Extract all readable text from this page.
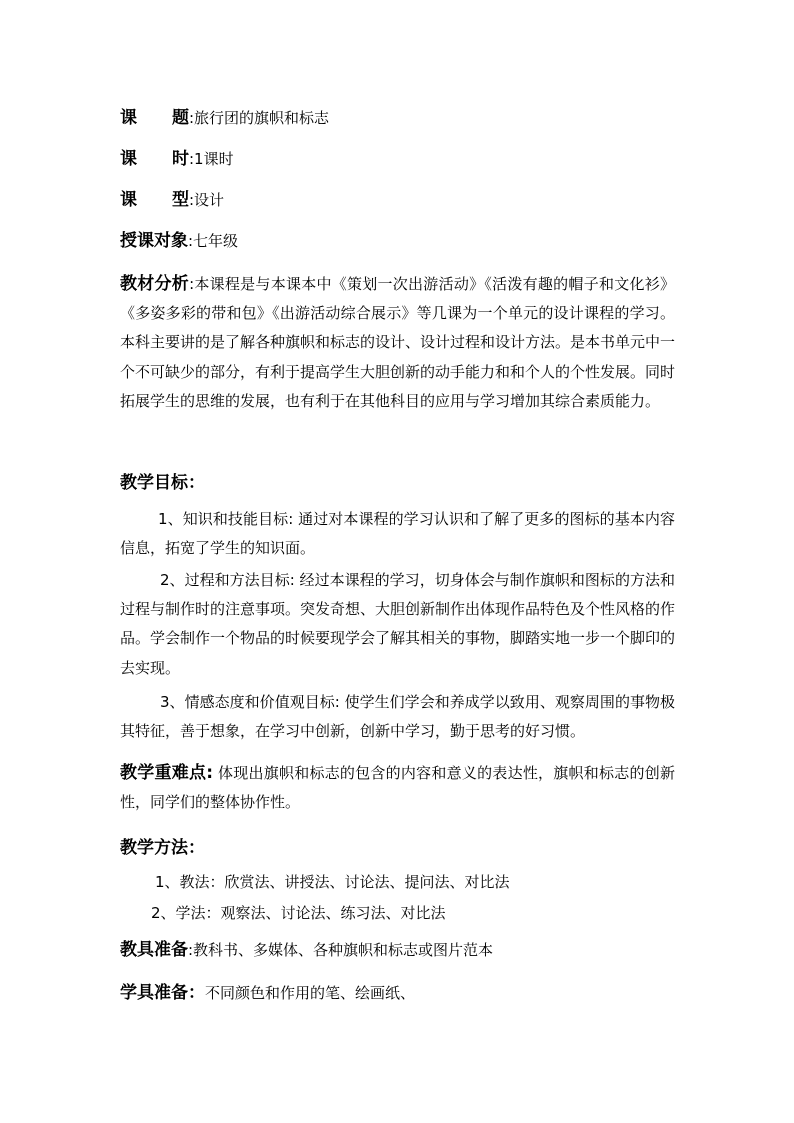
课 题:旅行团的旗帜和标志
课 时:1课时
课 型:设计
授课对象:七年级
教材分析:本课程是与本课本中《策划一次出游活动》《活泼有趣的帽子和文化衫》《多姿多彩的带和包》《出游活动综合展示》等几课为一个单元的设计课程的学习。本科主要讲的是了解各种旗帜和标志的设计、设计过程和设计方法。是本书单元中一个不可缺少的部分，有利于提高学生大胆创新的动手能力和和个人的个性发展。同时拓展学生的思维的发展，也有利于在其他科目的应用与学习增加其综合素质能力。
教学目标：
1、知识和技能目标: 通过对本课程的学习认识和了解了更多的图标的基本内容信息，拓宽了学生的知识面。
2、过程和方法目标: 经过本课程的学习，切身体会与制作旗帜和图标的方法和过程与制作时的注意事项。突发奇想、大胆创新制作出体现作品特色及个性风格的作品。学会制作一个物品的时候要现学会了解其相关的事物，脚踏实地一步一个脚印的去实现。
3、情感态度和价值观目标: 使学生们学会和养成学以致用、观察周围的事物极其特征，善于想象，在学习中创新，创新中学习，勤于思考的好习惯。
教学重难点: 体现出旗帜和标志的包含的内容和意义的表达性，旗帜和标志的创新性，同学们的整体协作性。
教学方法：
1、教法：欣赏法、讲授法、讨论法、提问法、对比法
2、学法：观察法、讨论法、练习法、对比法
教具准备:教科书、多媒体、各种旗帜和标志或图片范本
学具准备：不同颜色和作用的笔、绘画纸、
